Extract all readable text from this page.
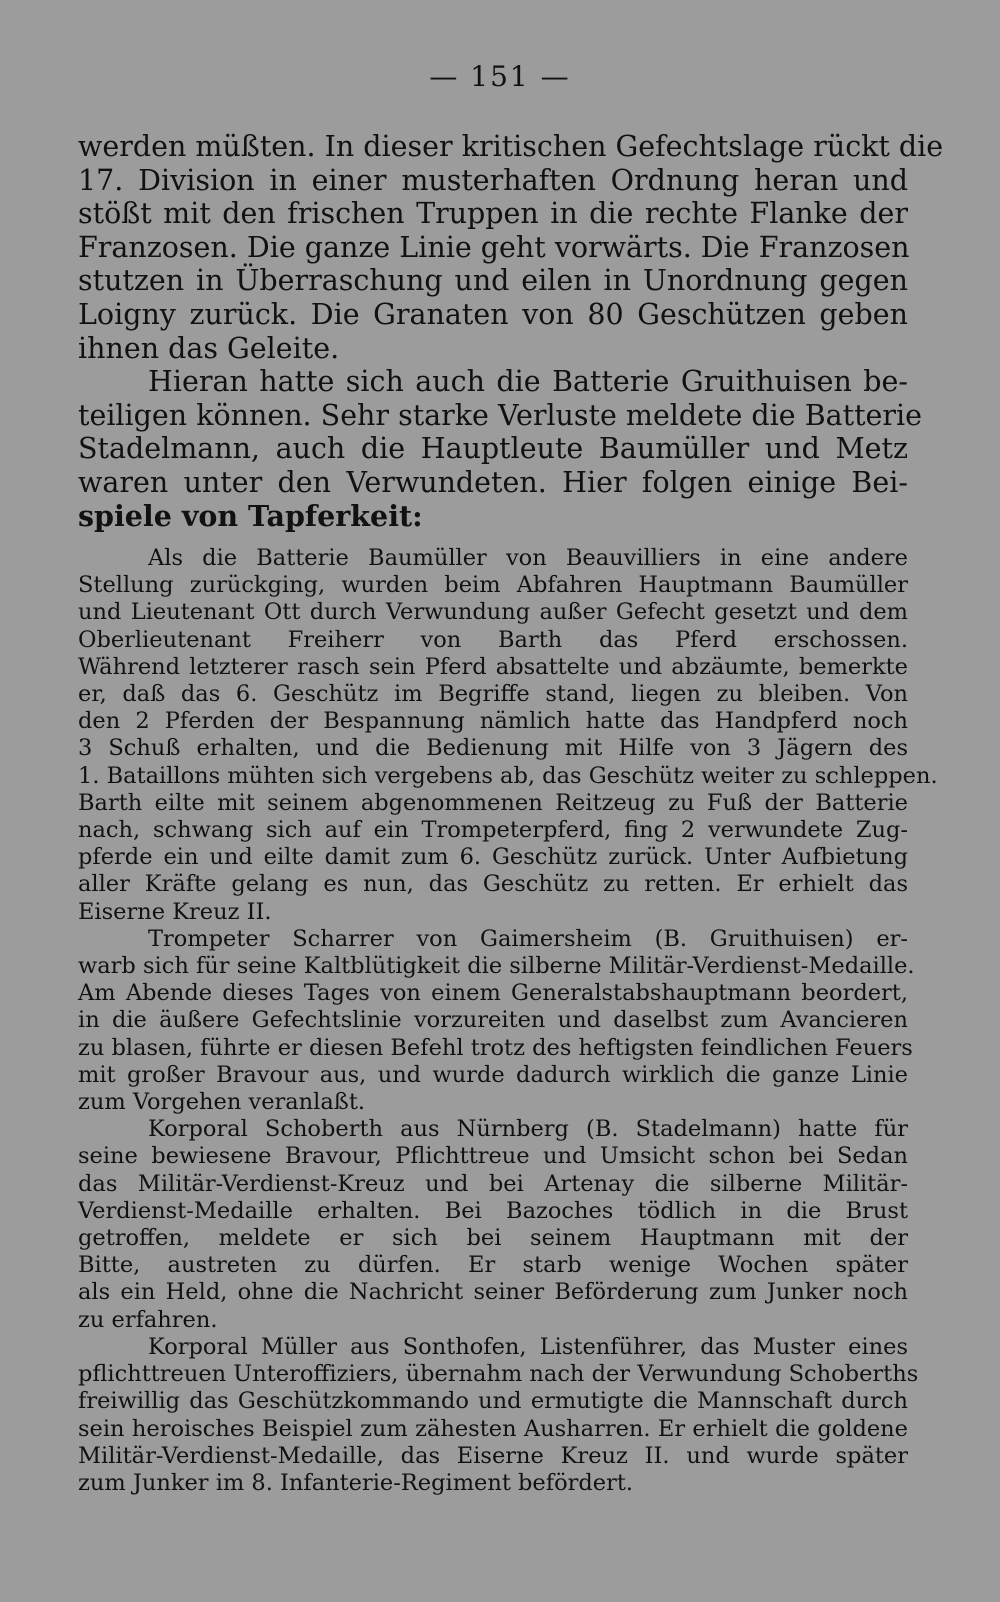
— 151 —
werden müßten. In dieser kritischen Gefechtslage rückt die
17. Division in einer musterhaften Ordnung heran und
stößt mit den frischen Truppen in die rechte Flanke der
Franzosen. Die ganze Linie geht vorwärts. Die Franzosen
stutzen in Überraschung und eilen in Unordnung gegen
Loigny zurück. Die Granaten von 80 Geschützen geben
ihnen das Geleite.
Hieran hatte sich auch die Batterie Gruithuisen be-
teiligen können. Sehr starke Verluste meldete die Batterie
Stadelmann, auch die Hauptleute Baumüller und Metz
waren unter den Verwundeten. Hier folgen einige Bei-
spiele von Tapferkeit:
Als die Batterie Baumüller von Beauvilliers in eine andere
Stellung zurückging, wurden beim Abfahren Hauptmann Baumüller
und Lieutenant Ott durch Verwundung außer Gefecht gesetzt und dem
Oberlieutenant Freiherr von Barth das Pferd erschossen.
Während letzterer rasch sein Pferd absattelte und abzäumte, bemerkte
er, daß das 6. Geschütz im Begriffe stand, liegen zu bleiben. Von
den 2 Pferden der Bespannung nämlich hatte das Handpferd noch
3 Schuß erhalten, und die Bedienung mit Hilfe von 3 Jägern des
1. Bataillons mühten sich vergebens ab, das Geschütz weiter zu schleppen.
Barth eilte mit seinem abgenommenen Reitzeug zu Fuß der Batterie
nach, schwang sich auf ein Trompeterpferd, fing 2 verwundete Zug-
pferde ein und eilte damit zum 6. Geschütz zurück. Unter Aufbietung
aller Kräfte gelang es nun, das Geschütz zu retten. Er erhielt das
Eiserne Kreuz II.
Trompeter Scharrer von Gaimersheim (B. Gruithuisen) er-
warb sich für seine Kaltblütigkeit die silberne Militär-Verdienst-Medaille.
Am Abende dieses Tages von einem Generalstabshauptmann beordert,
in die äußere Gefechtslinie vorzureiten und daselbst zum Avancieren
zu blasen, führte er diesen Befehl trotz des heftigsten feindlichen Feuers
mit großer Bravour aus, und wurde dadurch wirklich die ganze Linie
zum Vorgehen veranlaßt.
Korporal Schoberth aus Nürnberg (B. Stadelmann) hatte für
seine bewiesene Bravour, Pflichttreue und Umsicht schon bei Sedan
das Militär-Verdienst-Kreuz und bei Artenay die silberne Militär-
Verdienst-Medaille erhalten. Bei Bazoches tödlich in die Brust
getroffen, meldete er sich bei seinem Hauptmann mit der
Bitte, austreten zu dürfen. Er starb wenige Wochen später
als ein Held, ohne die Nachricht seiner Beförderung zum Junker noch
zu erfahren.
Korporal Müller aus Sonthofen, Listenführer, das Muster eines
pflichttreuen Unteroffiziers, übernahm nach der Verwundung Schoberths
freiwillig das Geschützkommando und ermutigte die Mannschaft durch
sein heroisches Beispiel zum zähesten Ausharren. Er erhielt die goldene
Militär-Verdienst-Medaille, das Eiserne Kreuz II. und wurde später
zum Junker im 8. Infanterie-Regiment befördert.
